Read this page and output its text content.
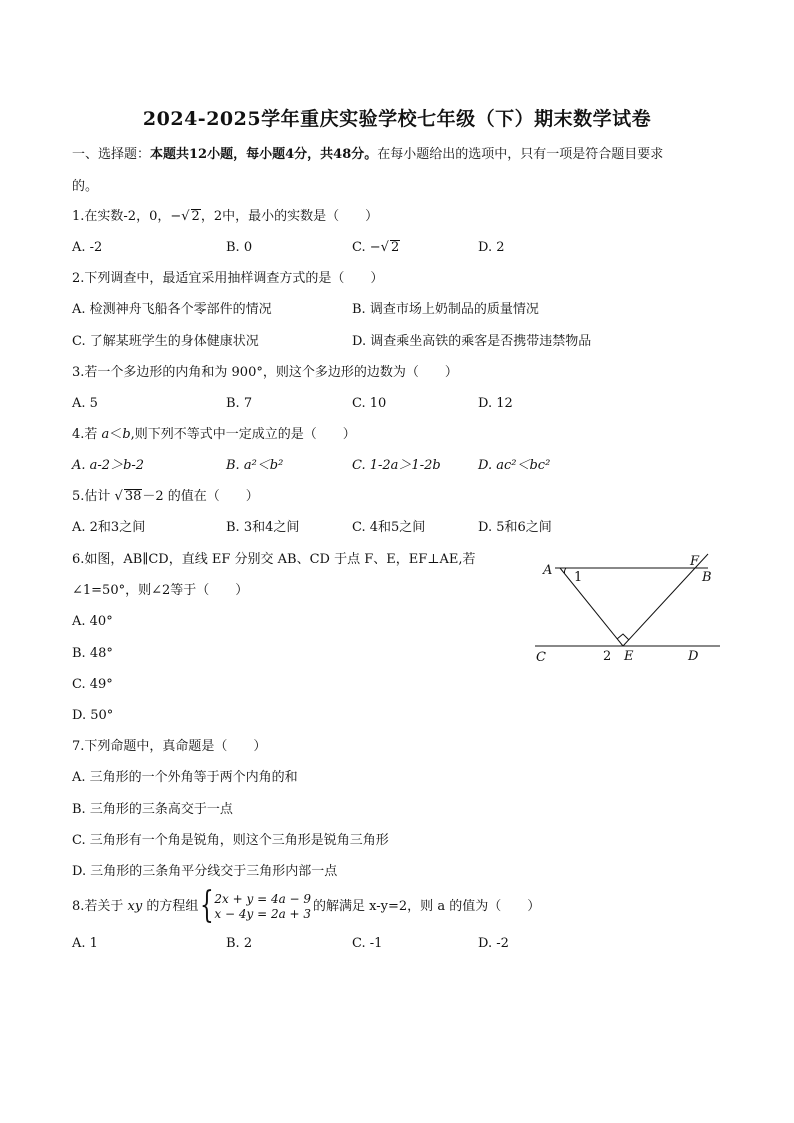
2024-2025学年重庆实验学校七年级（下）期末数学试卷
一、选择题：本题共12小题，每小题4分，共48分。在每小题给出的选项中，只有一项是符合题目要求
的。
1.在实数-2，0，−√ 2，2中，最小的实数是（　　）
A. -2	B. 0	C. −√ 2	D. 2
2.下列调查中，最适宜采用抽样调查方式的是（　　）
A. 检测神舟飞船各个零部件的情况	B. 调查市场上奶制品的质量情况
C. 了解某班学生的身体健康状况	D. 调查乘坐高铁的乘客是否携带违禁物品
3.若一个多边形的内角和为 900°，则这个多边形的边数为（　　）
A. 5	B. 7	C. 10	D. 12
4.若 a＜b,则下列不等式中一定成立的是（　　）
A. a-2＞b-2	B. a²＜b²	C. 1-2a＞1-2b	D. ac²＜bc²
5.估计 √ 38－2 的值在（　　）
A. 2和3之间	B. 3和4之间	C. 4和5之间	D. 5和6之间
6.如图，AB∥CD，直线 EF 分别交 AB、CD 于点 F、E，EF⊥AE,若
∠1=50°，则∠2等于（　　）
A. 40°
B. 48°
C. 49°
D. 50°
A 1
F
B
C	2 E	D
7.下列命题中，真命题是（　　）
A. 三角形的一个外角等于两个内角的和
B. 三角形的三条高交于一点
C. 三角形有一个角是锐角，则这个三角形是锐角三角形
D. 三角形的三条角平分线交于三角形内部一点
8.若关于 xy 的方程组 { 2x + y = 4a − 9
x − 4y = 2a + 3 的解满足 x-y=2，则 a 的值为（　　）
A. 1	B. 2	C. -1	D. -2
